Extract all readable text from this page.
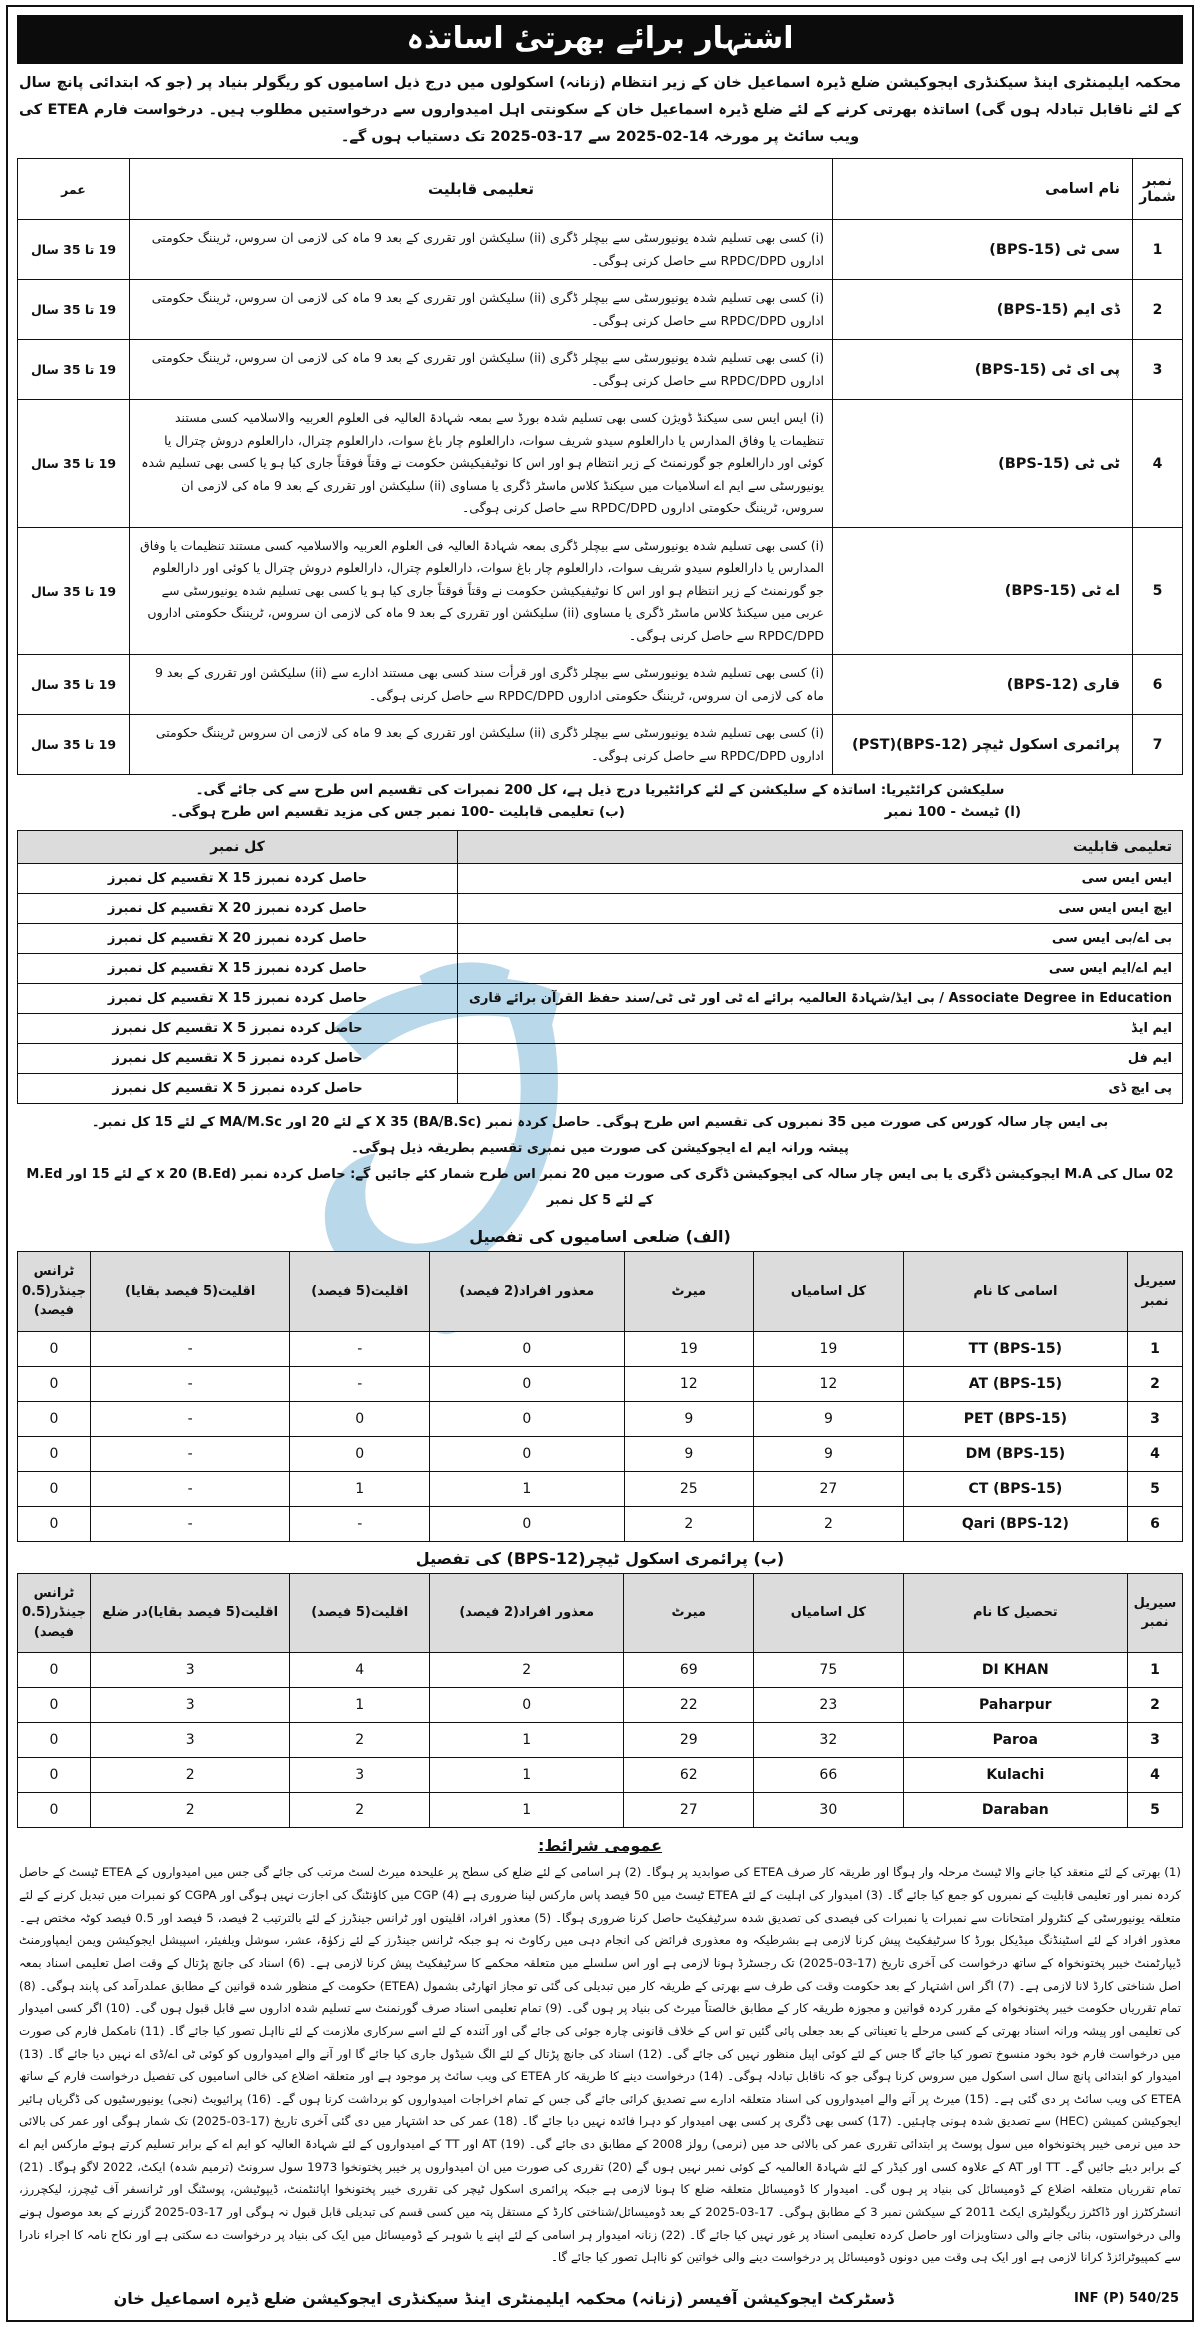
اشتہار برائے بھرتیٔ اساتذہ

محکمہ ایلیمنٹری اینڈ سیکنڈری ایجوکیشن ضلع ڈیرہ اسماعیل خان کے زیر انتظام (زنانہ) اسکولوں میں درج ذیل اسامیوں کو ریگولر بنیاد پر (جو کہ ابتدائی پانچ سال کے لئے ناقابل تبادلہ ہوں گی) اساتذہ بھرتی کرنے کے لئے ضلع ڈیرہ اسماعیل خان کے سکونتی اہل امیدواروں سے درخواستیں مطلوب ہیں۔ درخواست فارم ETEA کی ویب سائٹ پر مورخہ 14-02-2025 سے 17-03-2025 تک دستیاب ہوں گے۔

نمبر شمار	نام اسامی	تعلیمی قابلیت	عمر
1	سی ٹی (BPS-15)	(i) کسی بھی تسلیم شدہ یونیورسٹی سے بیچلر ڈگری (ii) سلیکشن اور تقرری کے بعد 9 ماہ کی لازمی ان سروس، ٹریننگ حکومتی اداروں RPDC/DPD سے حاصل کرنی ہوگی۔	19 تا 35 سال
2	ڈی ایم (BPS-15)	(i) کسی بھی تسلیم شدہ یونیورسٹی سے بیچلر ڈگری (ii) سلیکشن اور تقرری کے بعد 9 ماہ کی لازمی ان سروس، ٹریننگ حکومتی اداروں RPDC/DPD سے حاصل کرنی ہوگی۔	19 تا 35 سال
3	پی ای ٹی (BPS-15)	(i) کسی بھی تسلیم شدہ یونیورسٹی سے بیچلر ڈگری (ii) سلیکشن اور تقرری کے بعد 9 ماہ کی لازمی ان سروس، ٹریننگ حکومتی اداروں RPDC/DPD سے حاصل کرنی ہوگی۔	19 تا 35 سال
4	ٹی ٹی (BPS-15)	(i) ایس ایس سی سیکنڈ ڈویژن کسی بھی تسلیم شدہ بورڈ سے بمعہ شہادۃ العالیہ فی العلوم العربیہ والاسلامیہ کسی مستند تنظیمات یا وفاق المدارس یا دارالعلوم سیدو شریف سوات، دارالعلوم چار باغ سوات، دارالعلوم چترال، دارالعلوم دروش چترال یا کوئی اور دارالعلوم جو گورنمنٹ کے زیر انتظام ہو اور اس کا نوٹیفیکیشن حکومت نے وقتاً فوقتاً جاری کیا ہو یا کسی بھی تسلیم شدہ یونیورسٹی سے ایم اے اسلامیات میں سیکنڈ کلاس ماسٹر ڈگری یا مساوی (ii) سلیکشن اور تقرری کے بعد 9 ماہ کی لازمی ان سروس، ٹریننگ حکومتی اداروں RPDC/DPD سے حاصل کرنی ہوگی۔	19 تا 35 سال
5	اے ٹی (BPS-15)	(i) کسی بھی تسلیم شدہ یونیورسٹی سے بیچلر ڈگری بمعہ شہادۃ العالیہ فی العلوم العربیہ والاسلامیہ کسی مستند تنظیمات یا وفاق المدارس یا دارالعلوم سیدو شریف سوات، دارالعلوم چار باغ سوات، دارالعلوم چترال، دارالعلوم دروش چترال یا کوئی اور دارالعلوم جو گورنمنٹ کے زیر انتظام ہو اور اس کا نوٹیفیکیشن حکومت نے وقتاً فوقتاً جاری کیا ہو یا کسی بھی تسلیم شدہ یونیورسٹی سے عربی میں سیکنڈ کلاس ماسٹر ڈگری یا مساوی (ii) سلیکشن اور تقرری کے بعد 9 ماہ کی لازمی ان سروس، ٹریننگ حکومتی اداروں RPDC/DPD سے حاصل کرنی ہوگی۔	19 تا 35 سال
6	قاری (BPS-12)	(i) کسی بھی تسلیم شدہ یونیورسٹی سے بیچلر ڈگری اور قرأت سند کسی بھی مستند ادارے سے (ii) سلیکشن اور تقرری کے بعد 9 ماہ کی لازمی ان سروس، ٹریننگ حکومتی اداروں RPDC/DPD سے حاصل کرنی ہوگی۔	19 تا 35 سال
7	پرائمری اسکول ٹیچر (BPS-12)(PST)	(i) کسی بھی تسلیم شدہ یونیورسٹی سے بیچلر ڈگری (ii) سلیکشن اور تقرری کے بعد 9 ماہ کی لازمی ان سروس ٹریننگ حکومتی اداروں RPDC/DPD سے حاصل کرنی ہوگی۔	19 تا 35 سال
سلیکشن کرائٹیریا: اساتذہ کے سلیکشن کے لئے کرائٹیریا درج ذیل ہے، کل 200 نمبرات کی تقسیم اس طرح سے کی جائے گی۔
(ا) ٹیسٹ - 100 نمبر
(ب) تعلیمی قابلیت -100 نمبر جس کی مزید تقسیم اس طرح ہوگی۔
تعلیمی قابلیت	کل نمبر
ایس ایس سی	حاصل کردہ نمبرز X 15 تقسیم کل نمبرز
ایچ ایس ایس سی	حاصل کردہ نمبرز X 20 تقسیم کل نمبرز
بی اے/بی ایس سی	حاصل کردہ نمبرز X 20 تقسیم کل نمبرز
ایم اے/ایم ایس سی	حاصل کردہ نمبرز X 15 تقسیم کل نمبرز
Associate Degree in Education / بی ایڈ/شہادۃ العالمیہ برائے اے ٹی اور ٹی ٹی/سند حفظ القرآن برائے قاری	حاصل کردہ نمبرز X 15 تقسیم کل نمبرز
ایم ایڈ	حاصل کردہ نمبرز X 5 تقسیم کل نمبرز
ایم فل	حاصل کردہ نمبرز X 5 تقسیم کل نمبرز
پی ایچ ڈی	حاصل کردہ نمبرز X 5 تقسیم کل نمبرز
بی ایس چار سالہ کورس کی صورت میں 35 نمبروں کی تقسیم اس طرح ہوگی۔ حاصل کردہ نمبر X 35 (BA/B.Sc) کے لئے 20 اور MA/M.Sc کے لئے 15 کل نمبر۔
پیشہ ورانہ ایم اے ایجوکیشن کی صورت میں نمبری تقسیم بطریقہ ذیل ہوگی۔
02 سال کی M.A ایجوکیشن ڈگری یا بی ایس چار سالہ کی ایجوکیشن ڈگری کی صورت میں 20 نمبر اس طرح شمار کئے جائیں گے: حاصل کردہ نمبر x 20 (B.Ed) کے لئے 15 اور M.Ed کے لئے 5 کل نمبر
(الف) ضلعی اسامیوں کی تفصیل
سیریل نمبر	اسامی کا نام	کل اسامیاں	میرٹ	معذور افراد(2 فیصد)	اقلیت(5 فیصد)	اقلیت(5 فیصد بقایا)	ٹرانس جینڈر(0.5 فیصد)
1	TT (BPS-15)	19	19	0	-	-	0
2	AT (BPS-15)	12	12	0	-	-	0
3	PET (BPS-15)	9	9	0	0	-	0
4	DM (BPS-15)	9	9	0	0	-	0
5	CT (BPS-15)	27	25	1	1	-	0
6	Qari (BPS-12)	2	2	0	-	-	0
(ب) پرائمری اسکول ٹیچر(BPS-12) کی تفصیل
سیریل نمبر	تحصیل کا نام	کل اسامیاں	میرٹ	معذور افراد(2 فیصد)	اقلیت(5 فیصد)	اقلیت(5 فیصد بقایا)در ضلع	ٹرانس جینڈر(0.5 فیصد)
1	DI KHAN	75	69	2	4	3	0
2	Paharpur	23	22	0	1	3	0
3	Paroa	32	29	1	2	3	0
4	Kulachi	66	62	1	3	2	0
5	Daraban	30	27	1	2	2	0
عمومی شرائط:

(1) بھرتی کے لئے منعقد کیا جانے والا ٹیسٹ مرحلہ وار ہوگا اور طریقہ کار صرف ETEA کی صوابدید پر ہوگا۔ (2) ہر اسامی کے لئے ضلع کی سطح پر علیحدہ میرٹ لسٹ مرتب کی جائے گی جس میں امیدواروں کے ETEA ٹیسٹ کے حاصل کردہ نمبر اور تعلیمی قابلیت کے نمبروں کو جمع کیا جائے گا۔ (3) امیدوار کی اہلیت کے لئے ETEA ٹیسٹ میں 50 فیصد پاس مارکس لینا ضروری ہے (4) CGP میں کاؤنٹنگ کی اجازت نہیں ہوگی اور CGPA کو نمبرات میں تبدیل کرنے کے لئے متعلقہ یونیورسٹی کے کنٹرولر امتحانات سے نمبرات یا نمبرات کی فیصدی کی تصدیق شدہ سرٹیفکیٹ حاصل کرنا ضروری ہوگا۔ (5) معذور افراد، اقلیتوں اور ٹرانس جینڈرز کے لئے بالترتیب 2 فیصد، 5 فیصد اور 0.5 فیصد کوٹہ مختص ہے۔ معذور افراد کے لئے اسٹینڈنگ میڈیکل بورڈ کا سرٹیفکیٹ پیش کرنا لازمی ہے بشرطیکہ وہ معذوری فرائض کی انجام دہی میں رکاوٹ نہ ہو جبکہ ٹرانس جینڈرز کے لئے زکوٰۃ، عشر، سوشل ویلفیئر، اسپیشل ایجوکیشن ویمن ایمپاورمنٹ ڈیپارٹمنٹ خیبر پختونخواہ کے ساتھ درخواست کی آخری تاریخ (17-03-2025) تک رجسٹرڈ ہونا لازمی ہے اور اس سلسلے میں متعلقہ محکمے کا سرٹیفکیٹ پیش کرنا لازمی ہے۔ (6) اسناد کی جانچ پڑتال کے وقت اصل تعلیمی اسناد بمعہ اصل شناختی کارڈ لانا لازمی ہے۔ (7) اگر اس اشتہار کے بعد حکومت وقت کی طرف سے بھرتی کے طریقہ کار میں تبدیلی کی گئی تو مجاز اتھارٹی بشمول (ETEA) حکومت کے منظور شدہ قوانین کے مطابق عملدرآمد کی پابند ہوگی۔ (8) تمام تقرریاں حکومت خیبر پختونخواہ کے مقرر کردہ قوانین و مجوزہ طریقہ کار کے مطابق خالصتاً میرٹ کی بنیاد پر ہوں گی۔ (9) تمام تعلیمی اسناد صرف گورنمنٹ سے تسلیم شدہ اداروں سے قابل قبول ہوں گی۔ (10) اگر کسی امیدوار کی تعلیمی اور پیشہ ورانہ اسناد بھرتی کے کسی مرحلے یا تعیناتی کے بعد جعلی پائی گئیں تو اس کے خلاف قانونی چارہ جوئی کی جائے گی اور آئندہ کے لئے اسے سرکاری ملازمت کے لئے نااہل تصور کیا جائے گا۔ (11) نامکمل فارم کی صورت میں درخواست فارم خود بخود منسوخ تصور کیا جائے گا جس کے لئے کوئی اپیل منظور نہیں کی جائے گی۔ (12) اسناد کی جانچ پڑتال کے لئے الگ شیڈول جاری کیا جائے گا اور آنے والے امیدواروں کو کوئی ٹی اے/ڈی اے نہیں دیا جائے گا۔ (13) امیدوار کو ابتدائی پانچ سال اسی اسکول میں سروس کرنا ہوگی جو کہ ناقابل تبادلہ ہوگی۔ (14) درخواست دینے کا طریقہ کار ETEA کی ویب سائٹ پر موجود ہے اور متعلقہ اضلاع کی خالی اسامیوں کی تفصیل درخواست فارم کے ساتھ ETEA کی ویب سائٹ پر دی گئی ہے۔ (15) میرٹ پر آنے والے امیدواروں کی اسناد متعلقہ ادارے سے تصدیق کرائی جائے گی جس کے تمام اخراجات امیدواروں کو برداشت کرنا ہوں گے۔ (16) پرائیویٹ (نجی) یونیورسٹیوں کی ڈگریاں ہائیر ایجوکیشن کمیشن (HEC) سے تصدیق شدہ ہونی چاہئیں۔ (17) کسی بھی ڈگری پر کسی بھی امیدوار کو دہرا فائدہ نہیں دیا جائے گا۔ (18) عمر کی حد اشتہار میں دی گئی آخری تاریخ (17-03-2025) تک شمار ہوگی اور عمر کی بالائی حد میں نرمی خیبر پختونخواہ میں سول پوسٹ پر ابتدائی تقرری عمر کی بالائی حد میں (نرمی) رولز 2008 کے مطابق دی جائے گی۔ (19) AT اور TT کے امیدواروں کے لئے شہادۃ العالیہ کو ایم اے کے برابر تسلیم کرتے ہوئے مارکس ایم اے کے برابر دیئے جائیں گے۔ TT اور AT کے علاوہ کسی اور کیڈر کے لئے شہادۃ العالمیہ کے کوئی نمبر نہیں ہوں گے (20) تقرری کی صورت میں ان امیدواروں پر خیبر پختونخوا 1973 سول سرونٹ (ترمیم شدہ) ایکٹ، 2022 لاگو ہوگا۔ (21) تمام تقرریاں متعلقہ اضلاع کے ڈومیسائل کی بنیاد پر ہوں گی۔ امیدوار کا ڈومیسائل متعلقہ ضلع کا ہونا لازمی ہے جبکہ پرائمری اسکول ٹیچر کی تقرری خیبر پختونخوا اپائنٹمنٹ، ڈیپوٹیشن، پوسٹنگ اور ٹرانسفر آف ٹیچرز، لیکچررز، انسٹرکٹرز اور ڈاکٹرز ریگولیٹری ایکٹ 2011 کے سیکشن نمبر 3 کے مطابق ہوگی۔ 17-03-2025 کے بعد ڈومیسائل/شناختی کارڈ کے مستقل پتہ میں کسی قسم کی تبدیلی قابل قبول نہ ہوگی اور 17-03-2025 گزرنے کے بعد موصول ہونے والی درخواستوں، بنائی جانے والی دستاویزات اور حاصل کردہ تعلیمی اسناد پر غور نہیں کیا جائے گا۔ (22) زنانہ امیدوار ہر اسامی کے لئے اپنے یا شوہر کے ڈومیسائل میں ایک کی بنیاد پر درخواست دے سکتی ہے اور نکاح نامہ کا اجراء نادرا سے کمپیوٹرائزڈ کرانا لازمی ہے اور ایک ہی وقت میں دونوں ڈومیسائل پر درخواست دینے والی خواتین کو نااہل تصور کیا جائے گا۔

ڈسٹرکٹ ایجوکیشن آفیسر (زنانہ) محکمہ ایلیمنٹری اینڈ سیکنڈری ایجوکیشن ضلع ڈیرہ اسماعیل خان	INF (P) 540/25
